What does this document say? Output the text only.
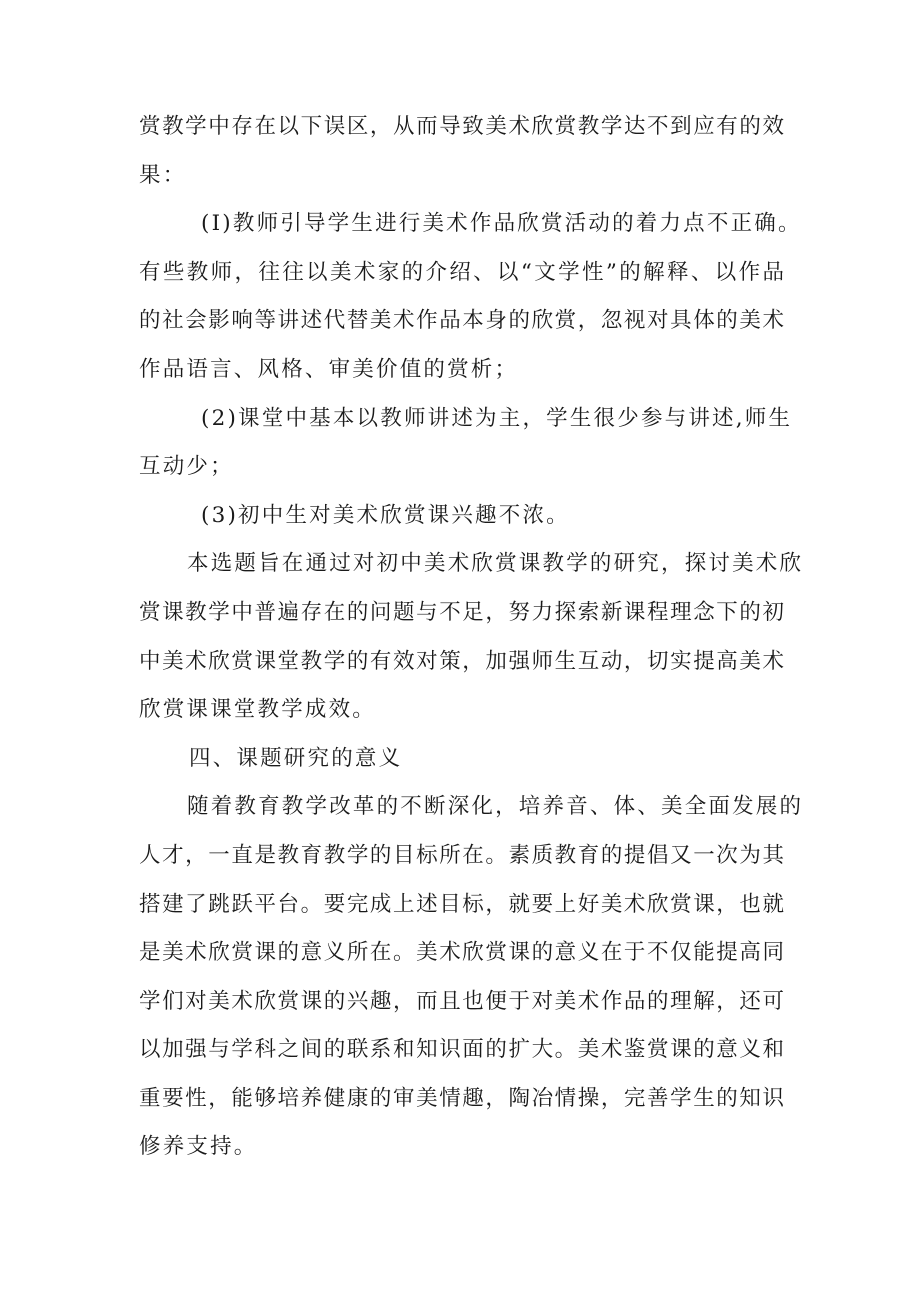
赏教学中存在以下误区，从而导致美术欣赏教学达不到应有的效
果：
(I)教师引导学生进行美术作品欣赏活动的着力点不正确。
有些教师，往往以美术家的介绍、以“文学性”的解释、以作品
的社会影响等讲述代替美术作品本身的欣赏，忽视对具体的美术
作品语言、风格、审美价值的赏析；
(2)课堂中基本以教师讲述为主，学生很少参与讲述,师生
互动少；
(3)初中生对美术欣赏课兴趣不浓。
本选题旨在通过对初中美术欣赏课教学的研究，探讨美术欣
赏课教学中普遍存在的问题与不足，努力探索新课程理念下的初
中美术欣赏课堂教学的有效对策，加强师生互动，切实提高美术
欣赏课课堂教学成效。
四、课题研究的意义
随着教育教学改革的不断深化，培养音、体、美全面发展的
人才，一直是教育教学的目标所在。素质教育的提倡又一次为其
搭建了跳跃平台。要完成上述目标，就要上好美术欣赏课，也就
是美术欣赏课的意义所在。美术欣赏课的意义在于不仅能提高同
学们对美术欣赏课的兴趣，而且也便于对美术作品的理解，还可
以加强与学科之间的联系和知识面的扩大。美术鉴赏课的意义和
重要性，能够培养健康的审美情趣，陶冶情操，完善学生的知识
修养支持。
